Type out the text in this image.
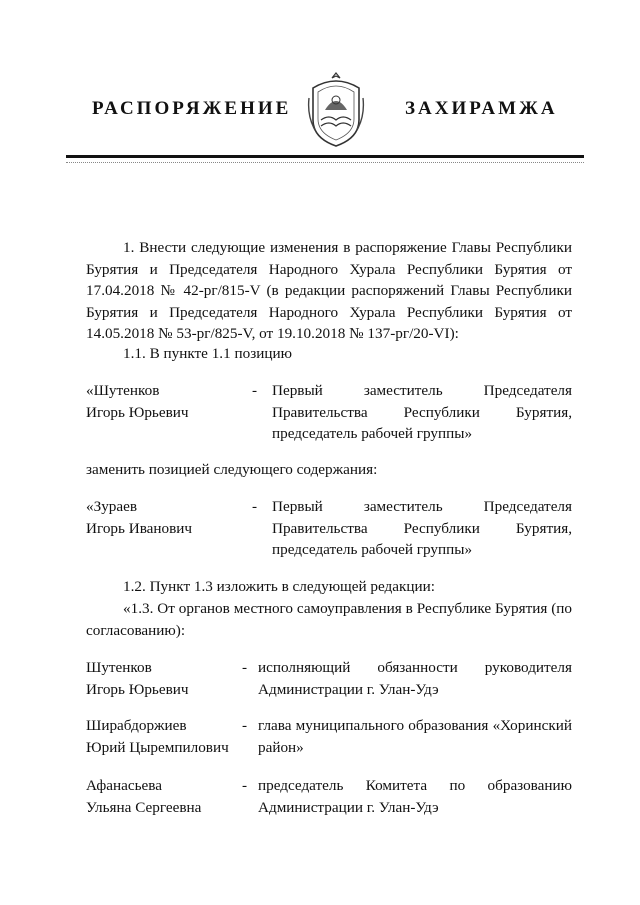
РАСПОРЯЖЕНИЕ	ЗАХИРАМЖА

1. Внести следующие изменения в распоряжение Главы Республики Бурятия и Председателя Народного Хурала Республики Бурятия от 17.04.2018 № 42-рг/815-V (в редакции распоряжений Главы Республики Бурятия и Председателя Народного Хурала Республики Бурятия от 14.05.2018 № 53-рг/825-V, от 19.10.2018 № 137-рг/20-VI):

1.1. В пункте 1.1 позицию

«Шутенков
Игорь Юрьевич
- Первый заместитель Председателя Правительства Республики Бурятия, председатель рабочей группы»

заменить позицией следующего содержания:

«Зураев
Игорь Иванович
- Первый заместитель Председателя Правительства Республики Бурятия, председатель рабочей группы»

1.2. Пункт 1.3 изложить в следующей редакции:

«1.3. От органов местного самоуправления в Республике Бурятия (по согласованию):

Шутенков
Игорь Юрьевич
- исполняющий обязанности руководителя Администрации г. Улан-Удэ
Ширабдоржиев
Юрий Цыремпилович
- глава муниципального образования «Хоринский район»
Афанасьева
Ульяна Сергеевна
- председатель Комитета по образованию Администрации г. Улан-Удэ
